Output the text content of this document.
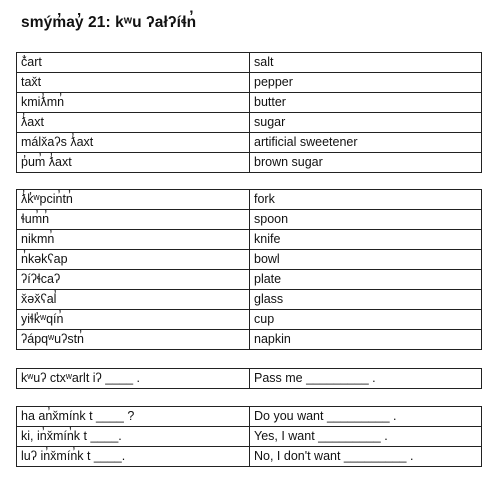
smým̓ay̓ 21: kʷu ʔałʔíɬn̓
č̓art	salt
tax̌t	pepper
kmiƛ̓mn̓	butter
ƛ̓axt	sugar
málx̌aʔs ƛ̓axt	artificial sweetener
p̓um̓ ƛ̓axt	brown sugar
ƛ̓k̓ʷpcin̓tn̓	fork
ɬum̓n̓	spoon
nikmn̓	knife
n̓kəkʕap	bowl
ʔíʔɬcaʔ	plate
x̌əx̌ʕal̓	glass
yiɬk̓ʷqín̓	cup
ʔápqʷuʔstn̓	napkin
kʷuʔ ctxʷarlt iʔ ____ .	Pass me _________ .
ha an̓x̌mínk t ____ ?	Do you want _________ .
ki, in̓x̌mín̓k t ____.	Yes, I want _________ .
luʔ in̓x̌mín̓k t ____.	No, I don't want _________ .
